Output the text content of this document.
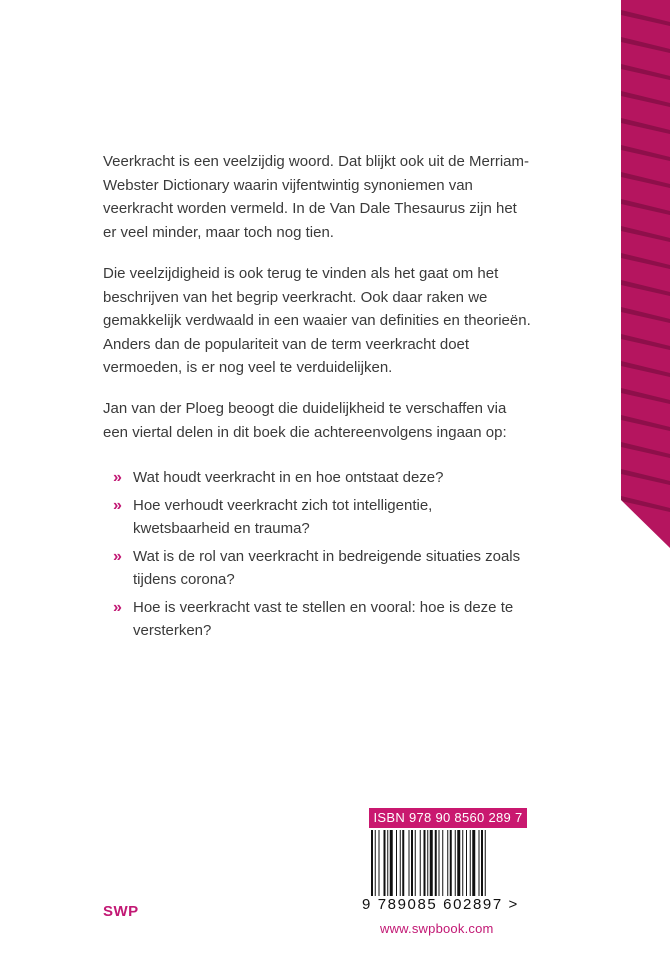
Veerkracht is een veelzijdig woord. Dat blijkt ook uit de Merriam-Webster Dictionary waarin vijfentwintig synoniemen van veerkracht worden vermeld. In de Van Dale Thesaurus zijn het er veel minder, maar toch nog tien.

Die veelzijdigheid is ook terug te vinden als het gaat om het beschrijven van het begrip veerkracht. Ook daar raken we gemakkelijk verdwaald in een waaier van definities en theorieën. Anders dan de populariteit van de term veerkracht doet vermoeden, is er nog veel te verduidelijken.

Jan van der Ploeg beoogt die duidelijkheid te verschaffen via een viertal delen in dit boek die achtereenvolgens ingaan op:

» Wat houdt veerkracht in en hoe ontstaat deze?
» Hoe verhoudt veerkracht zich tot intelligentie, kwetsbaarheid en trauma?
» Wat is de rol van veerkracht in bedreigende situaties zoals tijdens corona?
» Hoe is veerkracht vast te stellen en vooral: hoe is deze te versterken?
SWP
ISBN 978 90 8560 289 7
9 789085 602897 >
www.swpbook.com
